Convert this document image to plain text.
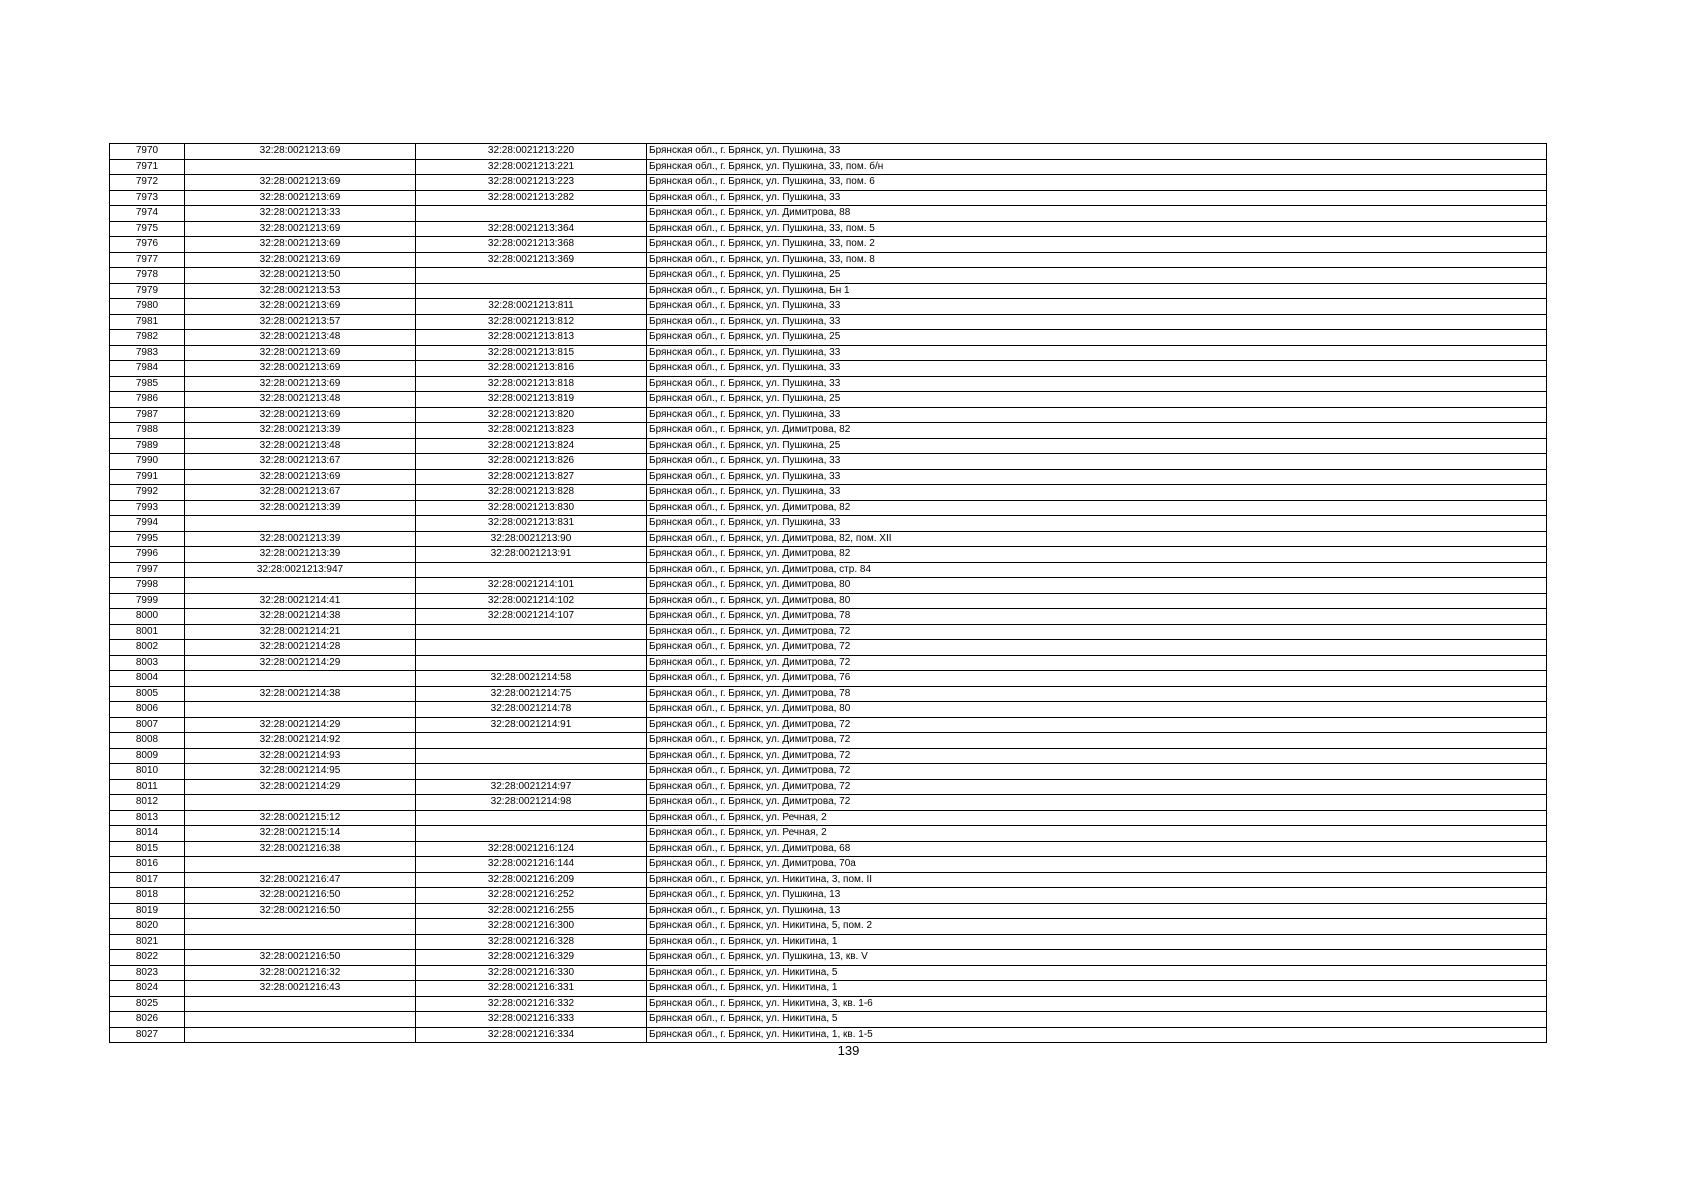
7970	32:28:0021213:69	32:28:0021213:220	Брянская обл., г. Брянск, ул. Пушкина, 33
7971		32:28:0021213:221	Брянская обл., г. Брянск, ул. Пушкина, 33, пом. б/н
7972	32:28:0021213:69	32:28:0021213:223	Брянская обл., г. Брянск, ул. Пушкина, 33, пом. 6
7973	32:28:0021213:69	32:28:0021213:282	Брянская обл., г. Брянск, ул. Пушкина, 33
7974	32:28:0021213:33		Брянская обл., г. Брянск, ул. Димитрова, 88
7975	32:28:0021213:69	32:28:0021213:364	Брянская обл., г. Брянск, ул. Пушкина, 33, пом. 5
7976	32:28:0021213:69	32:28:0021213:368	Брянская обл., г. Брянск, ул. Пушкина, 33, пом. 2
7977	32:28:0021213:69	32:28:0021213:369	Брянская обл., г. Брянск, ул. Пушкина, 33, пом. 8
7978	32:28:0021213:50		Брянская обл., г. Брянск, ул. Пушкина, 25
7979	32:28:0021213:53		Брянская обл., г. Брянск, ул. Пушкина, Бн 1
7980	32:28:0021213:69	32:28:0021213:811	Брянская обл., г. Брянск, ул. Пушкина, 33
7981	32:28:0021213:57	32:28:0021213:812	Брянская обл., г. Брянск, ул. Пушкина, 33
7982	32:28:0021213:48	32:28:0021213:813	Брянская обл., г. Брянск, ул. Пушкина, 25
7983	32:28:0021213:69	32:28:0021213:815	Брянская обл., г. Брянск, ул. Пушкина, 33
7984	32:28:0021213:69	32:28:0021213:816	Брянская обл., г. Брянск, ул. Пушкина, 33
7985	32:28:0021213:69	32:28:0021213:818	Брянская обл., г. Брянск, ул. Пушкина, 33
7986	32:28:0021213:48	32:28:0021213:819	Брянская обл., г. Брянск, ул. Пушкина, 25
7987	32:28:0021213:69	32:28:0021213:820	Брянская обл., г. Брянск, ул. Пушкина, 33
7988	32:28:0021213:39	32:28:0021213:823	Брянская обл., г. Брянск, ул. Димитрова, 82
7989	32:28:0021213:48	32:28:0021213:824	Брянская обл., г. Брянск, ул. Пушкина, 25
7990	32:28:0021213:67	32:28:0021213:826	Брянская обл., г. Брянск, ул. Пушкина, 33
7991	32:28:0021213:69	32:28:0021213:827	Брянская обл., г. Брянск, ул. Пушкина, 33
7992	32:28:0021213:67	32:28:0021213:828	Брянская обл., г. Брянск, ул. Пушкина, 33
7993	32:28:0021213:39	32:28:0021213:830	Брянская обл., г. Брянск, ул. Димитрова, 82
7994		32:28:0021213:831	Брянская обл., г. Брянск, ул. Пушкина, 33
7995	32:28:0021213:39	32:28:0021213:90	Брянская обл., г. Брянск, ул. Димитрова, 82, пом. XII
7996	32:28:0021213:39	32:28:0021213:91	Брянская обл., г. Брянск, ул. Димитрова, 82
7997	32:28:0021213:947		Брянская обл., г. Брянск, ул. Димитрова, стр. 84
7998		32:28:0021214:101	Брянская обл., г. Брянск, ул. Димитрова, 80
7999	32:28:0021214:41	32:28:0021214:102	Брянская обл., г. Брянск, ул. Димитрова, 80
8000	32:28:0021214:38	32:28:0021214:107	Брянская обл., г. Брянск, ул. Димитрова, 78
8001	32:28:0021214:21		Брянская обл., г. Брянск, ул. Димитрова, 72
8002	32:28:0021214:28		Брянская обл., г. Брянск, ул. Димитрова, 72
8003	32:28:0021214:29		Брянская обл., г. Брянск, ул. Димитрова, 72
8004		32:28:0021214:58	Брянская обл., г. Брянск, ул. Димитрова, 76
8005	32:28:0021214:38	32:28:0021214:75	Брянская обл., г. Брянск, ул. Димитрова, 78
8006		32:28:0021214:78	Брянская обл., г. Брянск, ул. Димитрова, 80
8007	32:28:0021214:29	32:28:0021214:91	Брянская обл., г. Брянск, ул. Димитрова, 72
8008	32:28:0021214:92		Брянская обл., г. Брянск, ул. Димитрова, 72
8009	32:28:0021214:93		Брянская обл., г. Брянск, ул. Димитрова, 72
8010	32:28:0021214:95		Брянская обл., г. Брянск, ул. Димитрова, 72
8011	32:28:0021214:29	32:28:0021214:97	Брянская обл., г. Брянск, ул. Димитрова, 72
8012		32:28:0021214:98	Брянская обл., г. Брянск, ул. Димитрова, 72
8013	32:28:0021215:12		Брянская обл., г. Брянск, ул. Речная, 2
8014	32:28:0021215:14		Брянская обл., г. Брянск, ул. Речная, 2
8015	32:28:0021216:38	32:28:0021216:124	Брянская обл., г. Брянск, ул. Димитрова, 68
8016		32:28:0021216:144	Брянская обл., г. Брянск, ул. Димитрова, 70а
8017	32:28:0021216:47	32:28:0021216:209	Брянская обл., г. Брянск, ул. Никитина, 3, пом. II
8018	32:28:0021216:50	32:28:0021216:252	Брянская обл., г. Брянск, ул. Пушкина, 13
8019	32:28:0021216:50	32:28:0021216:255	Брянская обл., г. Брянск, ул. Пушкина, 13
8020		32:28:0021216:300	Брянская обл., г. Брянск, ул. Никитина, 5, пом. 2
8021		32:28:0021216:328	Брянская обл., г. Брянск, ул. Никитина, 1
8022	32:28:0021216:50	32:28:0021216:329	Брянская обл., г. Брянск, ул. Пушкина, 13, кв. V
8023	32:28:0021216:32	32:28:0021216:330	Брянская обл., г. Брянск, ул. Никитина, 5
8024	32:28:0021216:43	32:28:0021216:331	Брянская обл., г. Брянск, ул. Никитина, 1
8025		32:28:0021216:332	Брянская обл., г. Брянск, ул. Никитина, 3, кв. 1-6
8026		32:28:0021216:333	Брянская обл., г. Брянск, ул. Никитина, 5
8027		32:28:0021216:334	Брянская обл., г. Брянск, ул. Никитина, 1, кв. 1-5
139
